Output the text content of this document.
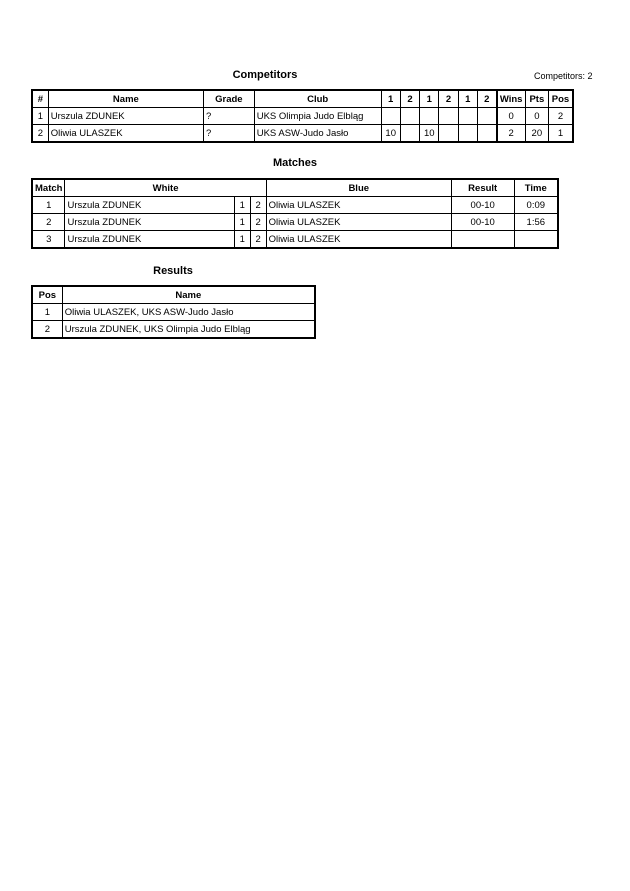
Competitors	Competitors: 2
#	Name	Grade	Club	1	2	1	2	1	2	Wins	Pts	Pos
1	Urszula ZDUNEK	?	UKS Olimpia Judo Elbląg							0	0	2
2	Oliwia ULASZEK	?	UKS ASW-Judo Jasło	10		10				2	20	1
Matches
Match	White			Blue	Result	Time
1	Urszula ZDUNEK	1	2	Oliwia ULASZEK	00-10	0:09
2	Urszula ZDUNEK	1	2	Oliwia ULASZEK	00-10	1:56
3	Urszula ZDUNEK	1	2	Oliwia ULASZEK		
Results
Pos	Name
1	Oliwia ULASZEK, UKS ASW-Judo Jasło
2	Urszula ZDUNEK, UKS Olimpia Judo Elbląg
